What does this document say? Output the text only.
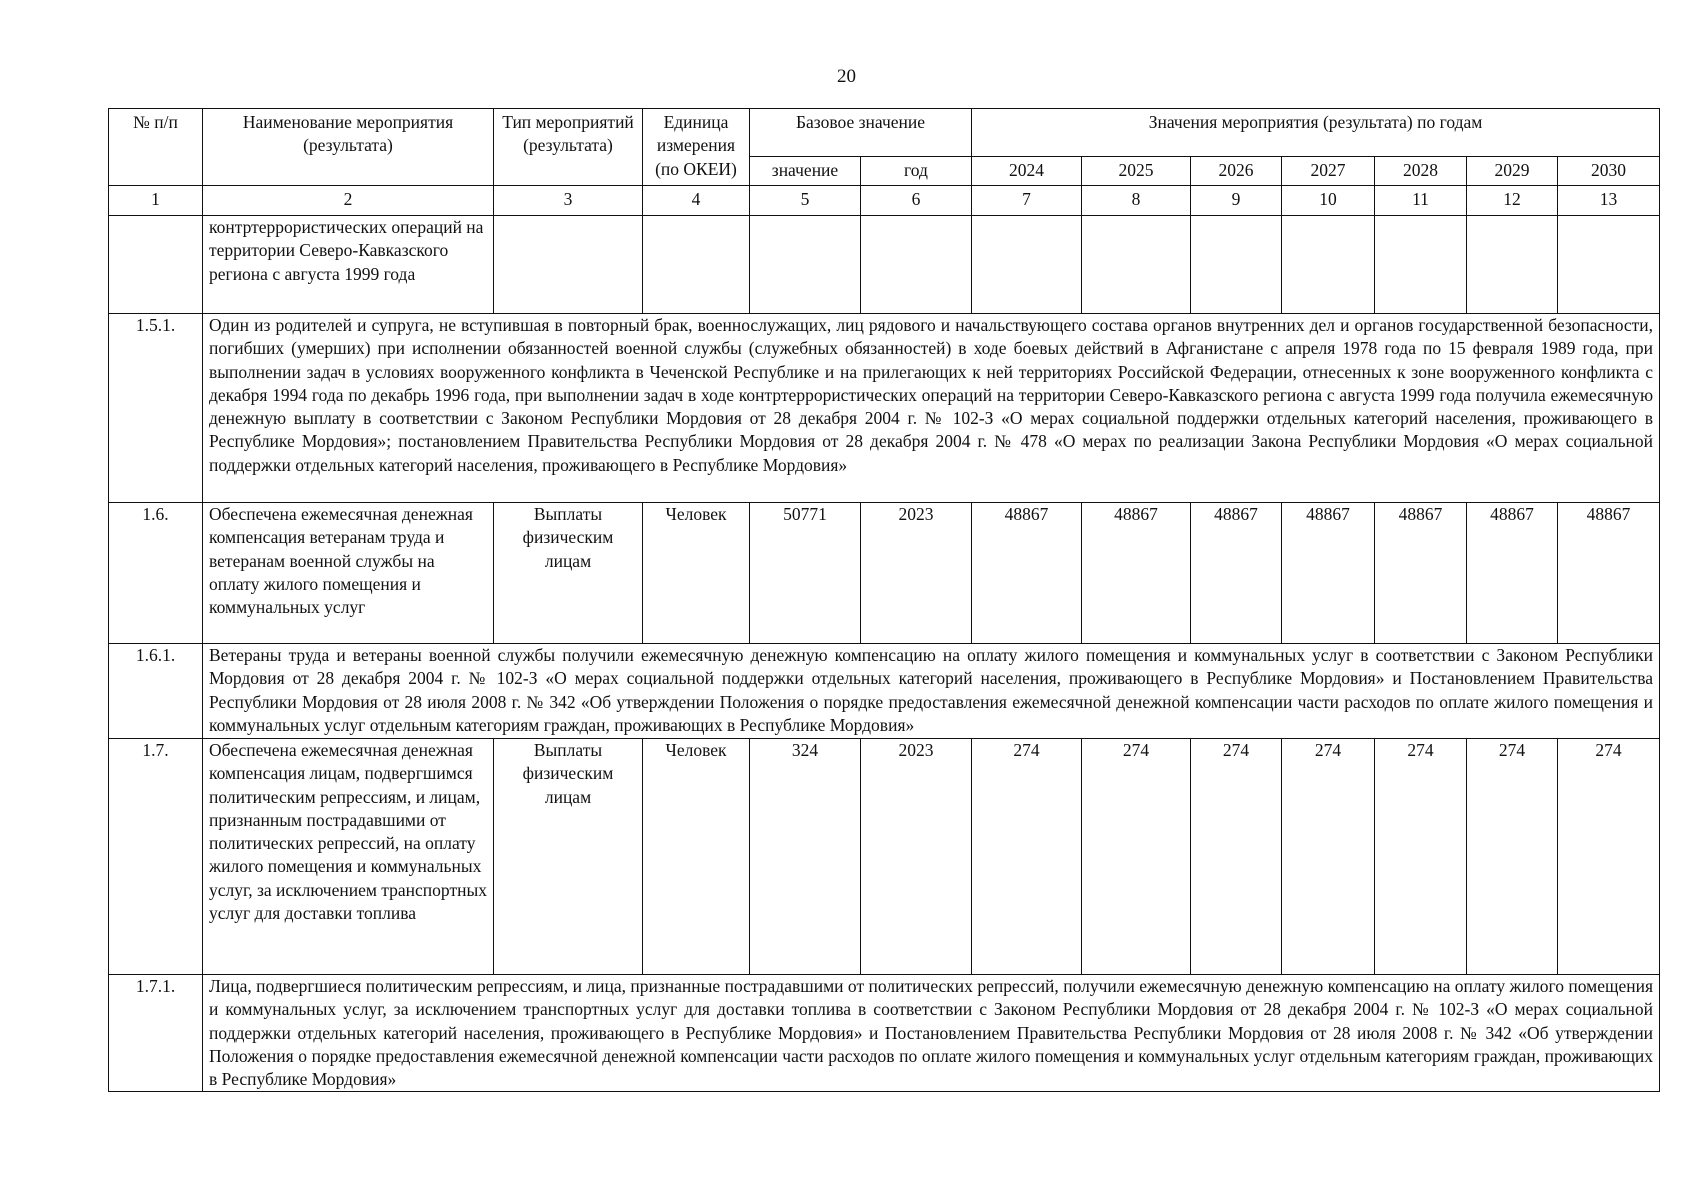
20
№ п/п	Наименование мероприятия (результата)	Тип мероприятий (результата)	Единица измерения (по ОКЕИ)	Базовое значение		Значения мероприятия (результата) по годам						
				значение	год	2024	2025	2026	2027	2028	2029	2030
1	2	3	4	5	6	7	8	9	10	11	12	13
	контртеррористических операций на территории Северо-Кавказского региона с августа 1999 года											
1.5.1.	Один из родителей и супруга, не вступившая в повторный брак, военнослужащих, лиц рядового и начальствующего состава органов внутренних дел и органов государственной безопасности, погибших (умерших) при исполнении обязанностей военной службы (служебных обязанностей) в ходе боевых действий в Афганистане с апреля 1978 года по 15 февраля 1989 года, при выполнении задач в условиях вооруженного конфликта в Чеченской Республике и на прилегающих к ней территориях Российской Федерации, отнесенных к зоне вооруженного конфликта с декабря 1994 года по декабрь 1996 года, при выполнении задач в ходе контртеррористических операций на территории Северо-Кавказского региона с августа 1999 года получила ежемесячную денежную выплату в соответствии с Законом Республики Мордовия от 28 декабря 2004 г. № 102-З «О мерах социальной поддержки отдельных категорий населения, проживающего в Республике Мордовия»; постановлением Правительства Республики Мордовия от 28 декабря 2004 г. № 478 «О мерах по реализации Закона Республики Мордовия «О мерах социальной поддержки отдельных категорий населения, проживающего в Республике Мордовия»											
1.6.	Обеспечена ежемесячная денежная компенсация ветеранам труда и ветеранам военной службы на оплату жилого помещения и коммунальных услуг	Выплаты физическим лицам	Человек	50771	2023	48867	48867	48867	48867	48867	48867	48867
1.6.1.	Ветераны труда и ветераны военной службы получили ежемесячную денежную компенсацию на оплату жилого помещения и коммунальных услуг в соответствии с Законом Республики Мордовия от 28 декабря 2004 г. № 102-З «О мерах социальной поддержки отдельных категорий населения, проживающего в Республике Мордовия» и Постановлением Правительства Республики Мордовия от 28 июля 2008 г. № 342 «Об утверждении Положения о порядке предоставления ежемесячной денежной компенсации части расходов по оплате жилого помещения и коммунальных услуг отдельным категориям граждан, проживающих в Республике Мордовия»											
1.7.	Обеспечена ежемесячная денежная компенсация лицам, подвергшимся политическим репрессиям, и лицам, признанным пострадавшими от политических репрессий, на оплату жилого помещения и коммунальных услуг, за исключением транспортных услуг для доставки топлива	Выплаты физическим лицам	Человек	324	2023	274	274	274	274	274	274	274
1.7.1.	Лица, подвергшиеся политическим репрессиям, и лица, признанные пострадавшими от политических репрессий, получили ежемесячную денежную компенсацию на оплату жилого помещения и коммунальных услуг, за исключением транспортных услуг для доставки топлива в соответствии с Законом Республики Мордовия от 28 декабря 2004 г. № 102-З «О мерах социальной поддержки отдельных категорий населения, проживающего в Республике Мордовия» и Постановлением Правительства Республики Мордовия от 28 июля 2008 г. № 342 «Об утверждении Положения о порядке предоставления ежемесячной денежной компенсации части расходов по оплате жилого помещения и коммунальных услуг отдельным категориям граждан, проживающих в Республике Мордовия»											
